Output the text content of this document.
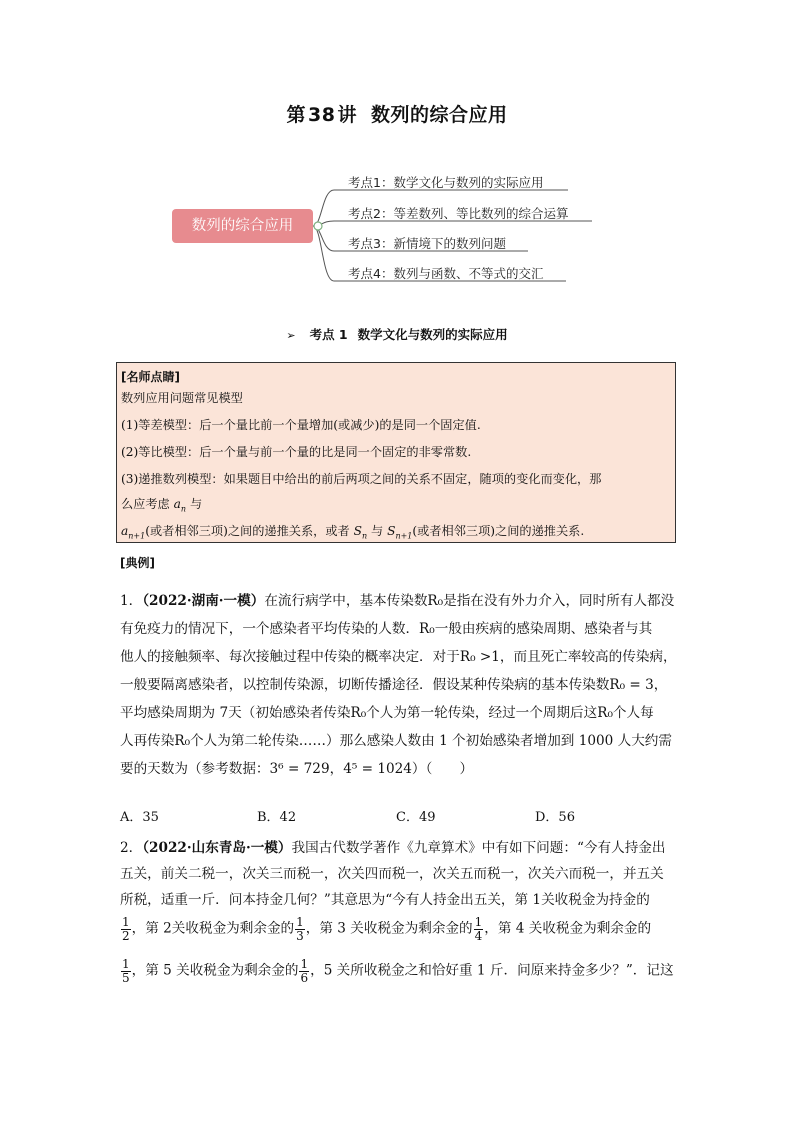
第 38 讲 数列的综合应用
数列的综合应用
考点1：数学文化与数列的实际应用
考点2：等差数列、等比数列的综合运算
考点3：新情境下的数列问题
考点4：数列与函数、不等式的交汇
➢ 考点 1 数学文化与数列的实际应用
[名师点睛]
数列应用问题常见模型
(1)等差模型：后一个量比前一个量增加(或减少)的是同一个固定值.
(2)等比模型：后一个量与前一个量的比是同一个固定的非零常数.
(3)递推数列模型：如果题目中给出的前后两项之间的关系不固定，随项的变化而变化，那
么应考虑 $a_n$ 与
$a_{n+1}$(或者相邻三项)之间的递推关系，或者 $S_n$ 与 $S_{n+1}$(或者相邻三项)之间的递推关系.
[典例]
1．（2022·湖南·一模）在流行病学中，基本传染数R₀是指在没有外力介入，同时所有人都没
有免疫力的情况下，一个感染者平均传染的人数．R₀一般由疾病的感染周期、感染者与其
他人的接触频率、每次接触过程中传染的概率决定．对于R₀ >1，而且死亡率较高的传染病，
一般要隔离感染者，以控制传染源，切断传播途径．假设某种传染病的基本传染数R₀ = 3，
平均感染周期为 7天（初始感染者传染R₀个人为第一轮传染，经过一个周期后这R₀个人每
人再传染R₀个人为第二轮传染……）那么感染人数由 1 个初始感染者增加到 1000 人大约需
要的天数为（参考数据：3⁶ = 729，4⁵ = 1024）（　　）
A．35	B．42	C．49	D．56
2．（2022·山东青岛·一模）我国古代数学著作《九章算术》中有如下问题：“今有人持金出
五关，前关二税一，次关三而税一，次关四而税一，次关五而税一，次关六而税一，并五关
所税，适重一斤．问本持金几何？”其意思为“今有人持金出五关，第 1关收税金为持金的
$\frac{1}{2}$ ，第 2关收税金为剩余金的 $\frac{1}{3}$ ，第 3 关收税金为剩余金的 $\frac{1}{4}$ ，第 4 关收税金为剩余金的
$\frac{1}{5}$ ，第 5 关收税金为剩余金的 $\frac{1}{6}$ ，5 关所收税金之和恰好重 1 斤．问原来持金多少？”．记这
